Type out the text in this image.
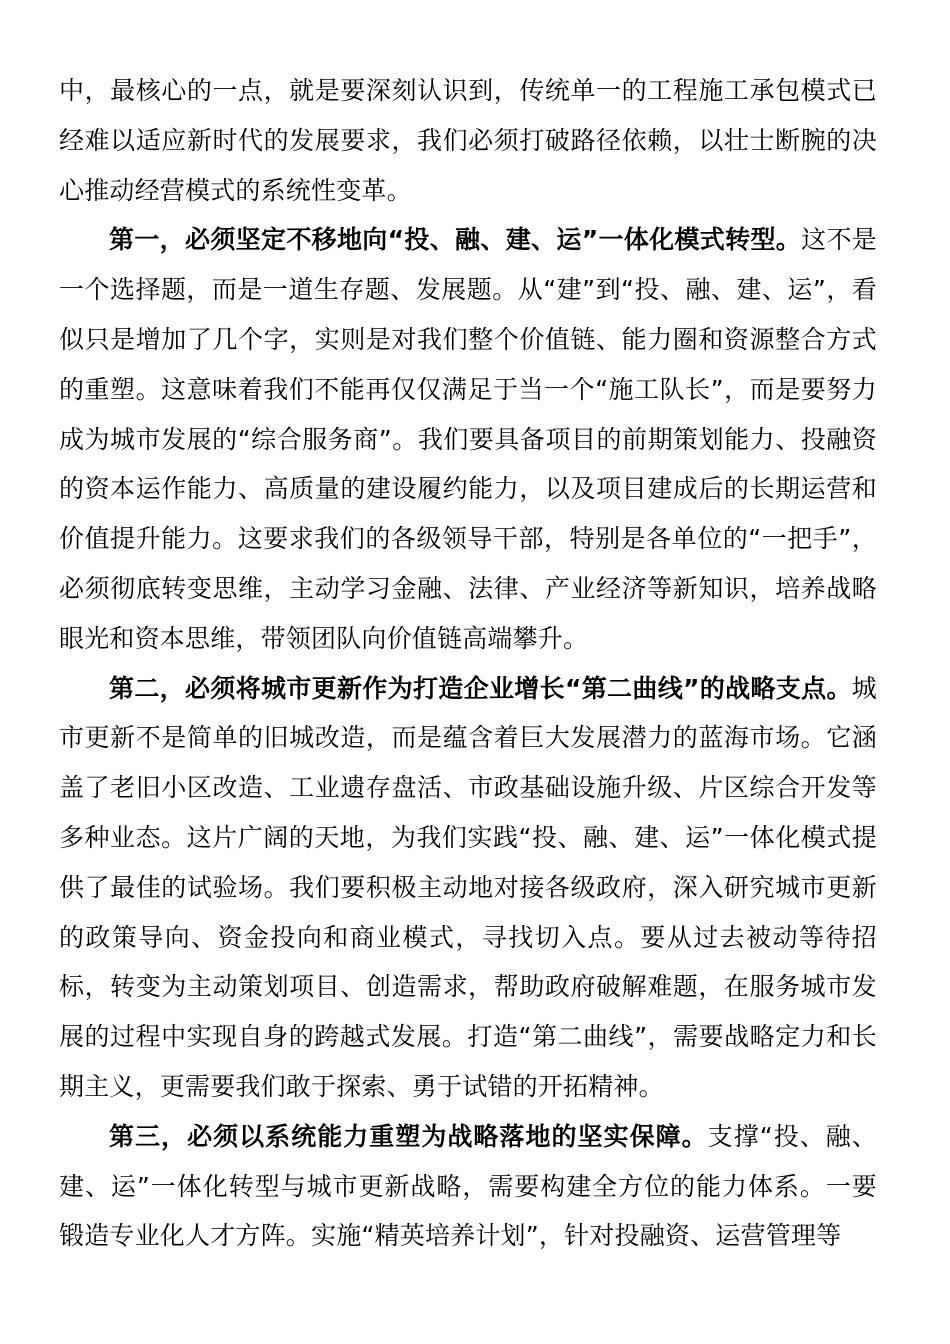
中，最核心的一点，就是要深刻认识到，传统单一的工程施工承包模式已经难以适应新时代的发展要求，我们必须打破路径依赖，以壮士断腕的决心推动经营模式的系统性变革。

第一，必须坚定不移地向“投、融、建、运”一体化模式转型。这不是一个选择题，而是一道生存题、发展题。从“建”到“投、融、建、运”，看似只是增加了几个字，实则是对我们整个价值链、能力圈和资源整合方式的重塑。这意味着我们不能再仅仅满足于当一个“施工队长”，而是要努力成为城市发展的“综合服务商”。我们要具备项目的前期策划能力、投融资的资本运作能力、高质量的建设履约能力，以及项目建成后的长期运营和价值提升能力。这要求我们的各级领导干部，特别是各单位的“一把手”，必须彻底转变思维，主动学习金融、法律、产业经济等新知识，培养战略眼光和资本思维，带领团队向价值链高端攀升。

第二，必须将城市更新作为打造企业增长“第二曲线”的战略支点。城市更新不是简单的旧城改造，而是蕴含着巨大发展潜力的蓝海市场。它涵盖了老旧小区改造、工业遗存盘活、市政基础设施升级、片区综合开发等多种业态。这片广阔的天地，为我们实践“投、融、建、运”一体化模式提供了最佳的试验场。我们要积极主动地对接各级政府，深入研究城市更新的政策导向、资金投向和商业模式，寻找切入点。要从过去被动等待招标，转变为主动策划项目、创造需求，帮助政府破解难题，在服务城市发展的过程中实现自身的跨越式发展。打造“第二曲线”，需要战略定力和长期主义，更需要我们敢于探索、勇于试错的开拓精神。

第三，必须以系统能力重塑为战略落地的坚实保障。支撑“投、融、建、运”一体化转型与城市更新战略，需要构建全方位的能力体系。一要锻造专业化人才方阵。实施“精英培养计划”，针对投融资、运营管理等
